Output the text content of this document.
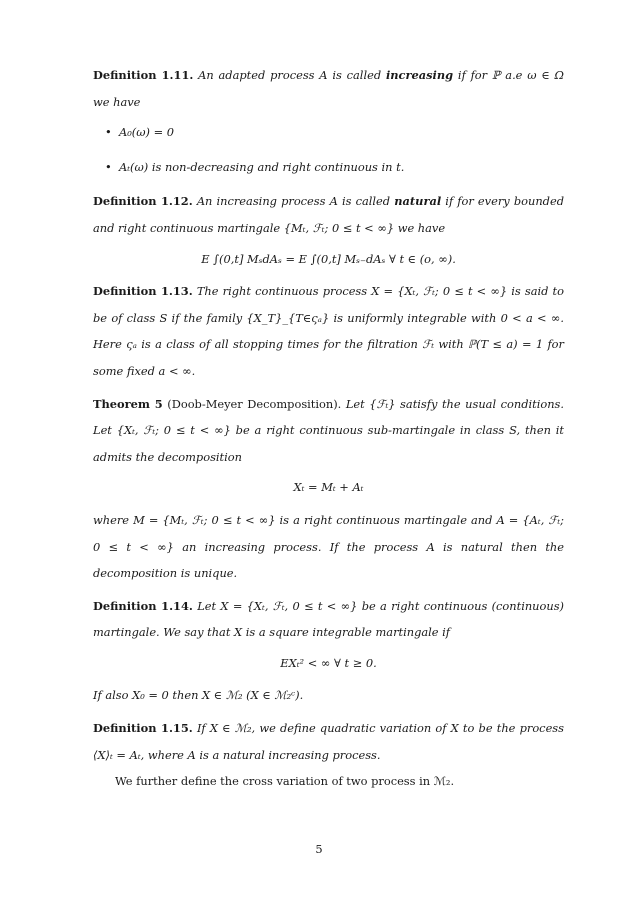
Definition 1.11. An adapted process A is called increasing if for ℙ a.e ω ∈ Ω we have

• A₀(ω) = 0
• Aₜ(ω) is non-decreasing and right continuous in t.

Definition 1.12. An increasing process A is called natural if for every bounded and right continuous martingale {Mₜ, ℱₜ; 0 ≤ t < ∞} we have

E ∫(0,t] MₛdAₛ = E ∫(0,t] Mₛ₋dAₛ ∀ t ∈ (o, ∞).

Definition 1.13. The right continuous process X = {Xₜ, ℱₜ; 0 ≤ t < ∞} is said to be of class S if the family {X_T}_{T∈ςₐ} is uniformly integrable with 0 < a < ∞. Here ςₐ is a class of all stopping times for the filtration ℱₜ with ℙ(T ≤ a) = 1 for some fixed a < ∞.

Theorem 5 (Doob-Meyer Decomposition). Let {ℱₜ} satisfy the usual conditions. Let {Xₜ, ℱₜ; 0 ≤ t < ∞} be a right continuous sub-martingale in class S, then it admits the decomposition

Xₜ = Mₜ + Aₜ

where M = {Mₜ, ℱₜ; 0 ≤ t < ∞} is a right continuous martingale and A = {Aₜ, ℱₜ; 0 ≤ t < ∞} an increasing process. If the process A is natural then the decomposition is unique.

Definition 1.14. Let X = {Xₜ, ℱₜ, 0 ≤ t < ∞} be a right continuous (continuous) martingale. We say that X is a square integrable martingale if

EXₜ² < ∞ ∀ t ≥ 0.

If also X₀ = 0 then X ∈ ℳ₂ (X ∈ ℳ₂ᶜ).

Definition 1.15. If X ∈ ℳ₂, we define quadratic variation of X to be the process ⟨X⟩ₜ = Aₜ, where A is a natural increasing process.

We further define the cross variation of two process in ℳ₂.

5
